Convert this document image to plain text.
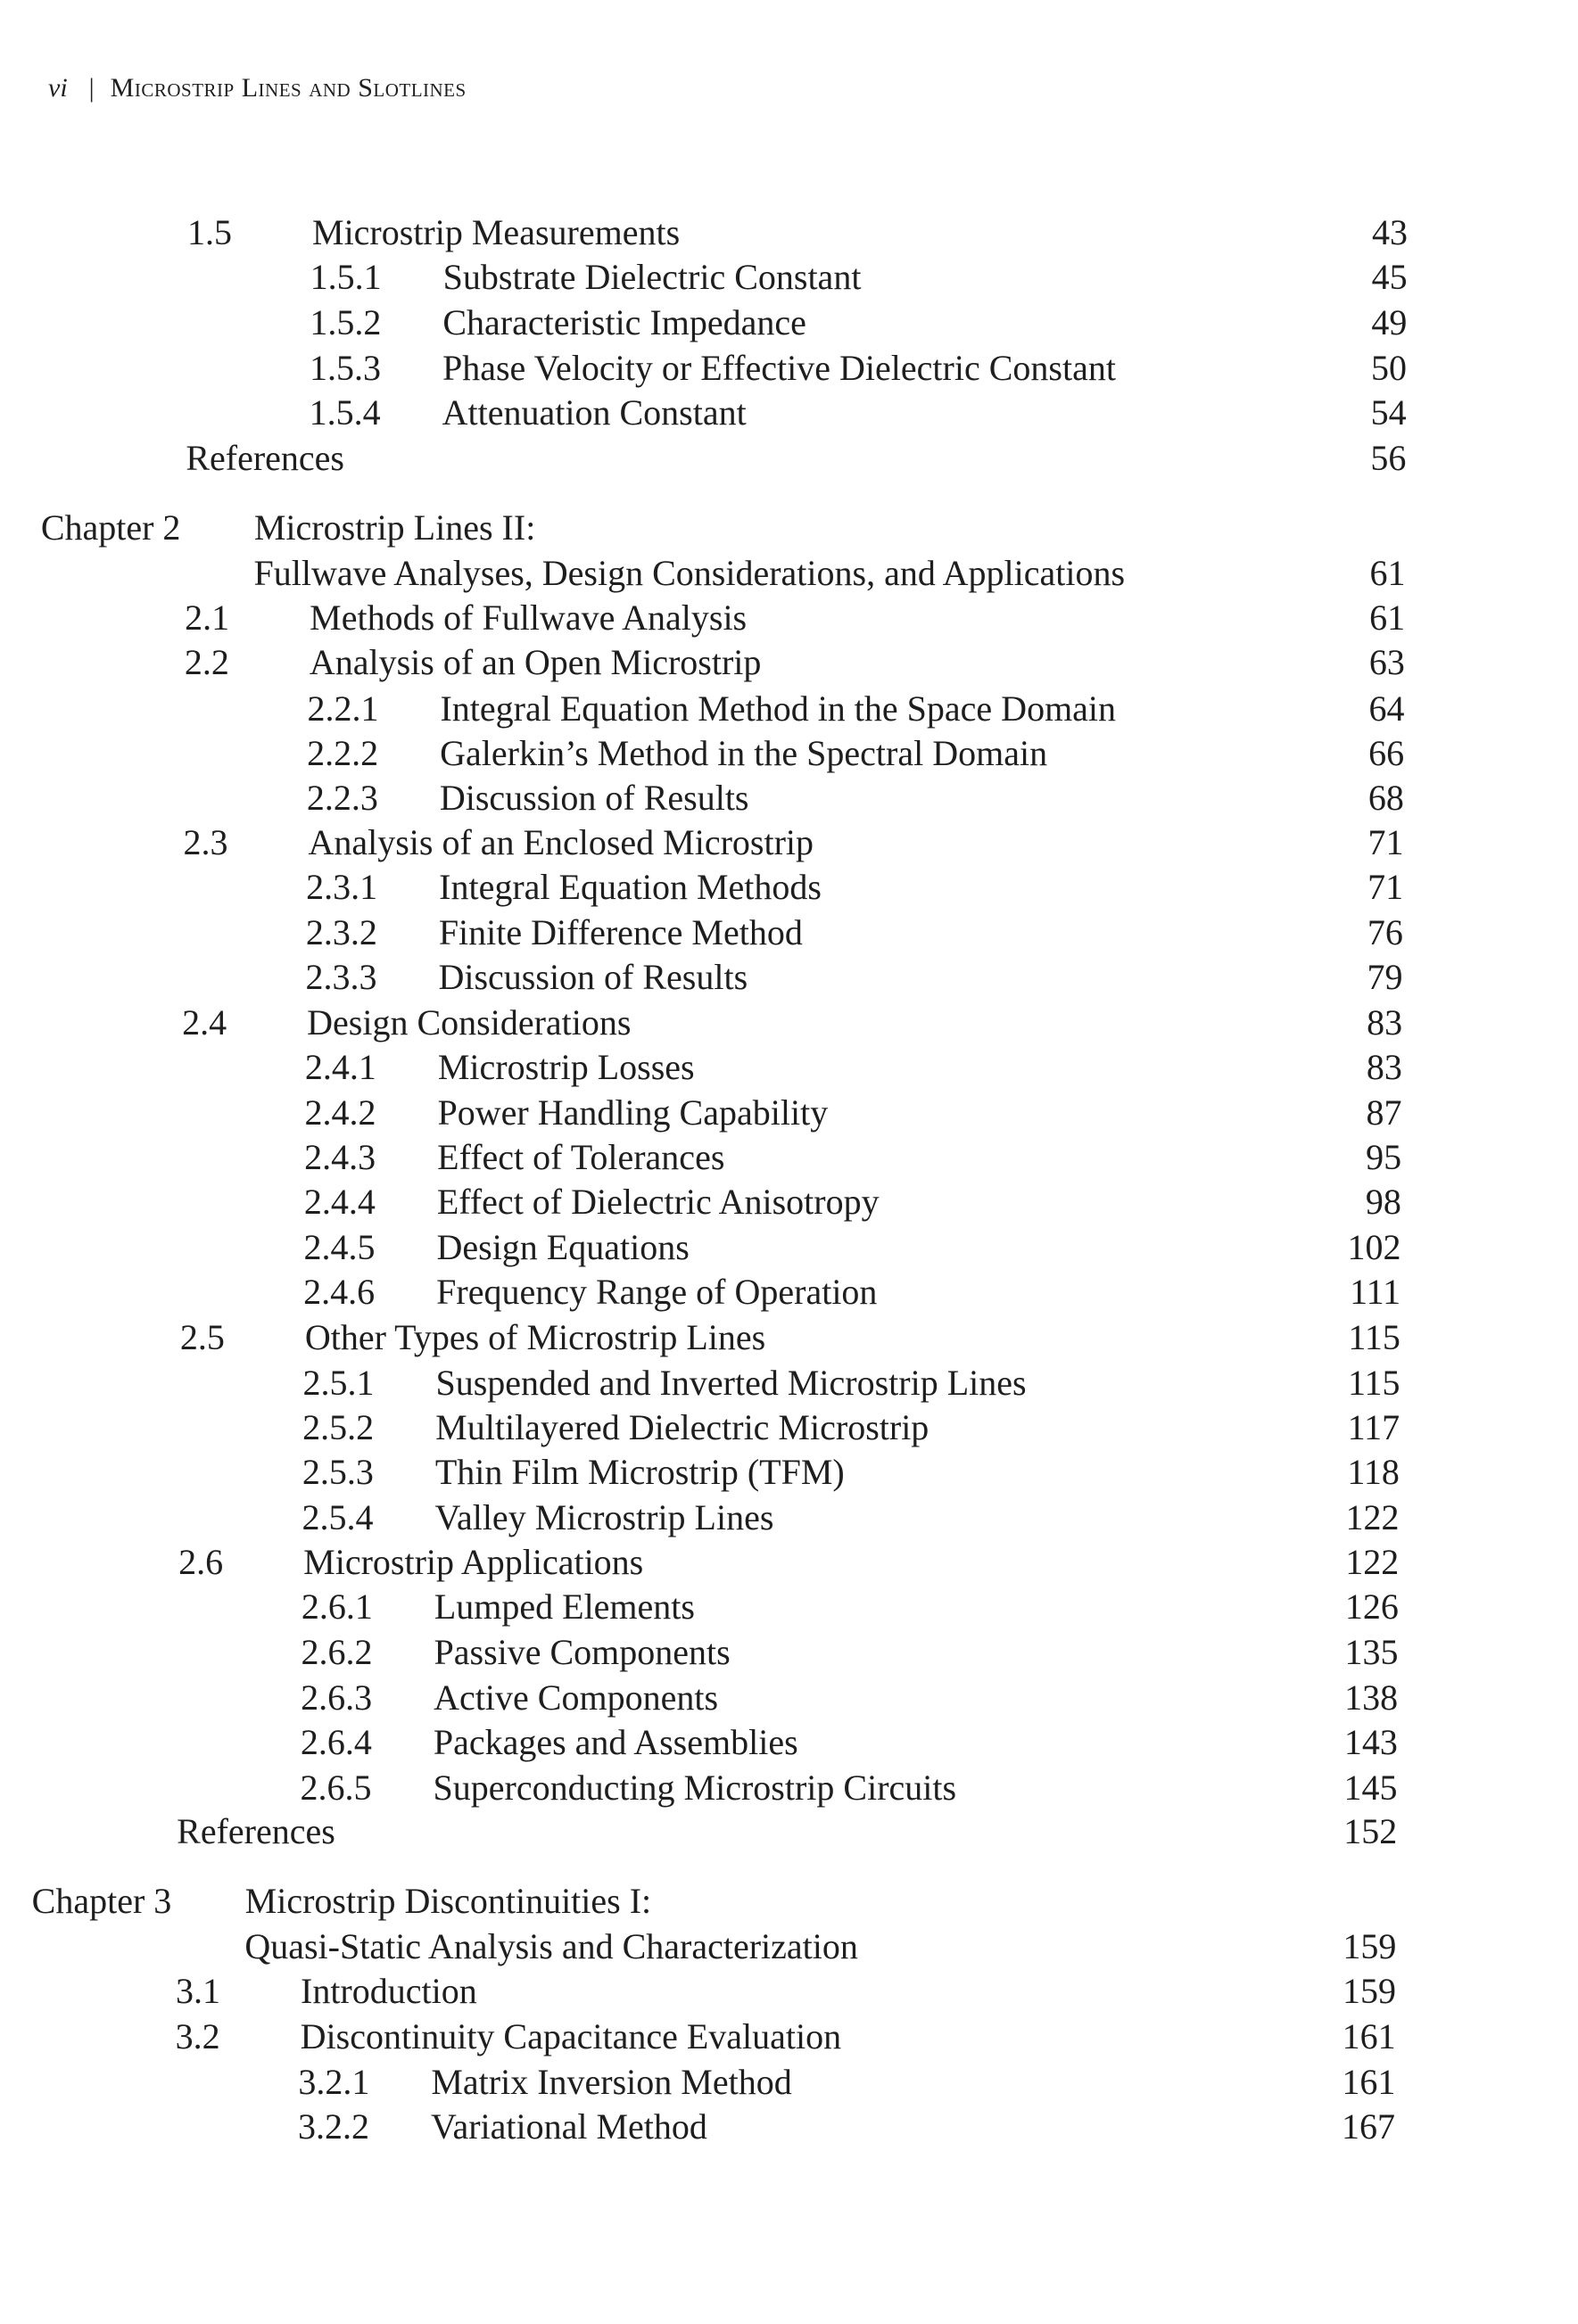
vi | Microstrip Lines and Slotlines
1.5 Microstrip Measurements	43
1.5.1 Substrate Dielectric Constant	45
1.5.2 Characteristic Impedance	49
1.5.3 Phase Velocity or Effective Dielectric Constant	50
1.5.4 Attenuation Constant	54
References	56
Chapter 2 Microstrip Lines II:
Fullwave Analyses, Design Considerations, and Applications	61
2.1 Methods of Fullwave Analysis	61
2.2 Analysis of an Open Microstrip	63
2.2.1 Integral Equation Method in the Space Domain	64
2.2.2 Galerkin’s Method in the Spectral Domain	66
2.2.3 Discussion of Results	68
2.3 Analysis of an Enclosed Microstrip	71
2.3.1 Integral Equation Methods	71
2.3.2 Finite Difference Method	76
2.3.3 Discussion of Results	79
2.4 Design Considerations	83
2.4.1 Microstrip Losses	83
2.4.2 Power Handling Capability	87
2.4.3 Effect of Tolerances	95
2.4.4 Effect of Dielectric Anisotropy	98
2.4.5 Design Equations	102
2.4.6 Frequency Range of Operation	111
2.5 Other Types of Microstrip Lines	115
2.5.1 Suspended and Inverted Microstrip Lines	115
2.5.2 Multilayered Dielectric Microstrip	117
2.5.3 Thin Film Microstrip (TFM)	118
2.5.4 Valley Microstrip Lines	122
2.6 Microstrip Applications	122
2.6.1 Lumped Elements	126
2.6.2 Passive Components	135
2.6.3 Active Components	138
2.6.4 Packages and Assemblies	143
2.6.5 Superconducting Microstrip Circuits	145
References	152
Chapter 3 Microstrip Discontinuities I:
Quasi-Static Analysis and Characterization	159
3.1 Introduction	159
3.2 Discontinuity Capacitance Evaluation	161
3.2.1 Matrix Inversion Method	161
3.2.2 Variational Method	167
